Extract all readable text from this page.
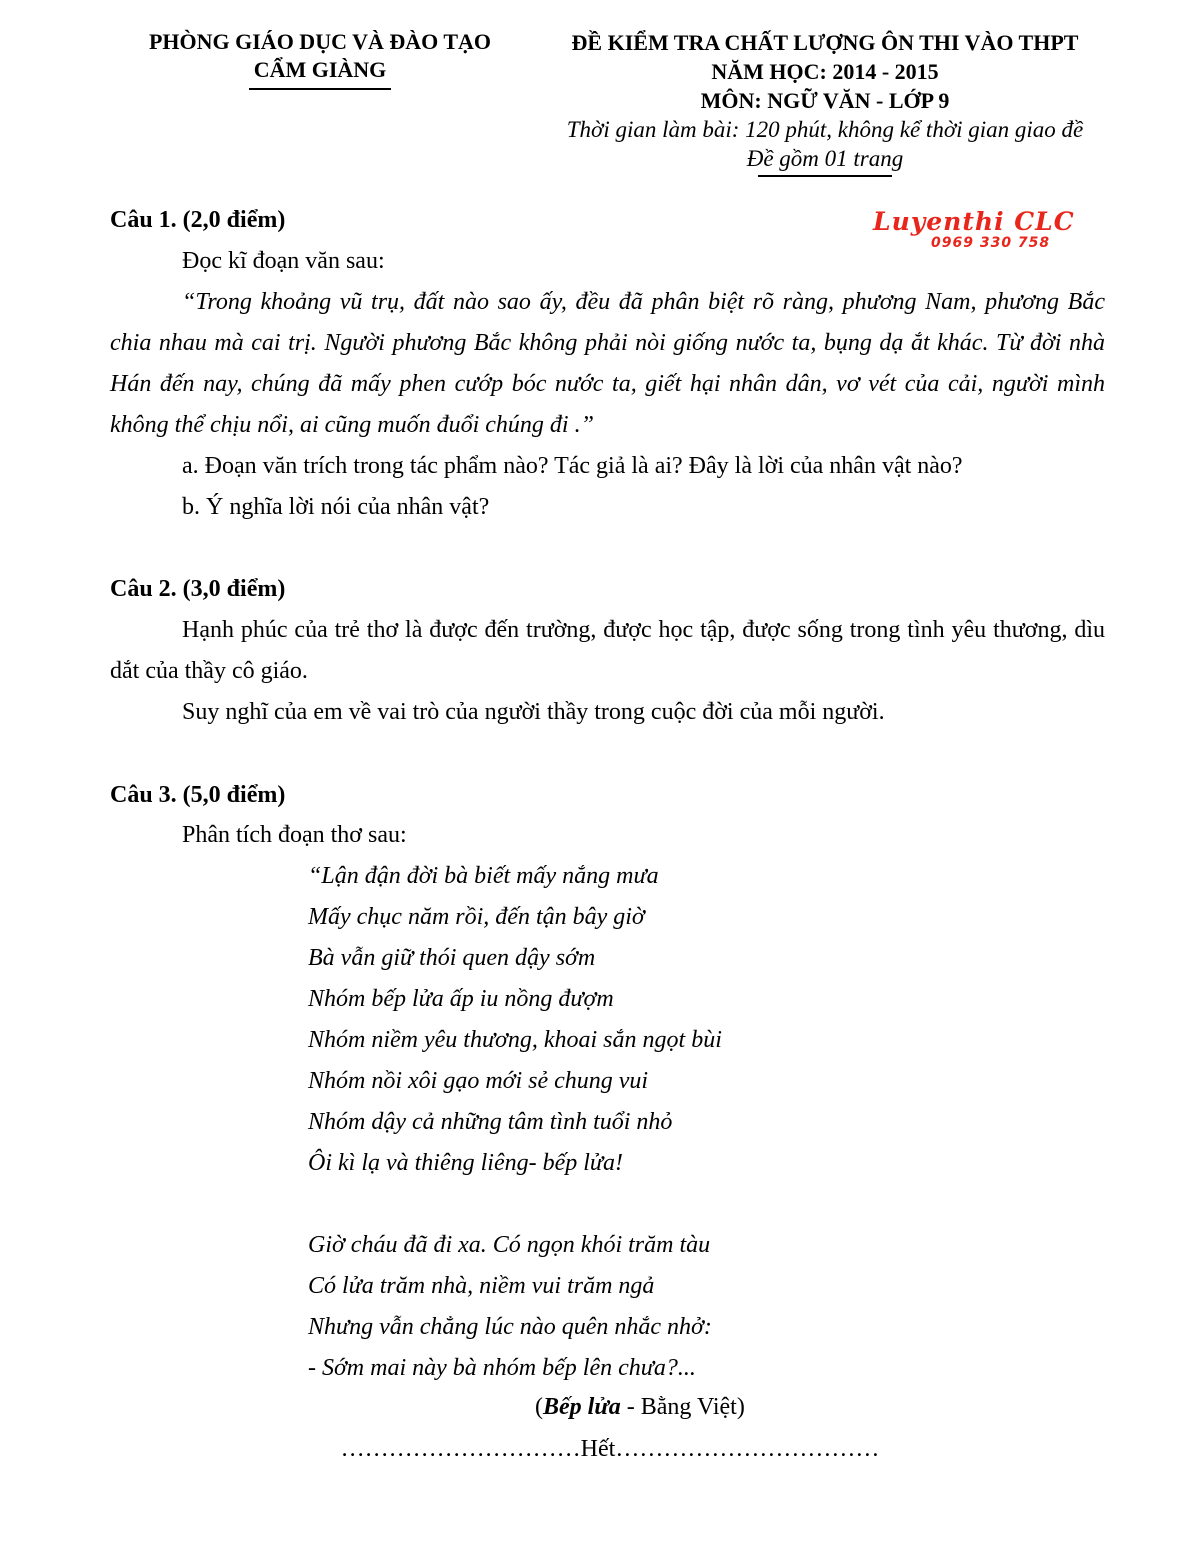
PHÒNG GIÁO DỤC VÀ ĐÀO TẠO
CẨM GIÀNG
ĐỀ KIỂM TRA CHẤT LƯỢNG ÔN THI VÀO THPT
NĂM HỌC: 2014 - 2015
MÔN: NGỮ VĂN - LỚP 9
Thời gian làm bài: 120 phút, không kể thời gian giao đề
Đề gồm 01 trang
Luyenthi CLC
0969 330 758
Câu 1. (2,0 điểm)
Đọc kĩ đoạn văn sau:
“Trong khoảng vũ trụ, đất nào sao ấy, đều đã phân biệt rõ ràng, phương Nam, phương Bắc chia nhau mà cai trị. Người phương Bắc không phải nòi giống nước ta, bụng dạ ắt khác. Từ đời nhà Hán đến nay, chúng đã mấy phen cướp bóc nước ta, giết hại nhân dân, vơ vét của cải, người mình không thể chịu nổi, ai cũng muốn đuổi chúng đi .”
a. Đoạn văn trích trong tác phẩm nào? Tác giả là ai? Đây là lời của nhân vật nào?
b. Ý nghĩa lời nói của nhân vật?
Câu 2. (3,0 điểm)
Hạnh phúc của trẻ thơ là được đến trường, được học tập, được sống trong tình yêu thương, dìu dắt của thầy cô giáo.
Suy nghĩ của em về vai trò của người thầy trong cuộc đời của mỗi người.
Câu 3. (5,0 điểm)
Phân tích đoạn thơ sau:
“Lận đận đời bà biết mấy nắng mưa
Mấy chục năm rồi, đến tận bây giờ
Bà vẫn giữ thói quen dậy sớm
Nhóm bếp lửa ấp iu nồng đượm
Nhóm niềm yêu thương, khoai sắn ngọt bùi
Nhóm nồi xôi gạo mới sẻ chung vui
Nhóm dậy cả những tâm tình tuổi nhỏ
Ôi kì lạ và thiêng liêng- bếp lửa!
Giờ cháu đã đi xa. Có ngọn khói trăm tàu
Có lửa trăm nhà, niềm vui trăm ngả
Nhưng vẫn chẳng lúc nào quên nhắc nhở:
- Sớm mai này bà nhóm bếp lên chưa?...
(Bếp lửa - Bằng Việt)
…………………………Hết……………………………
